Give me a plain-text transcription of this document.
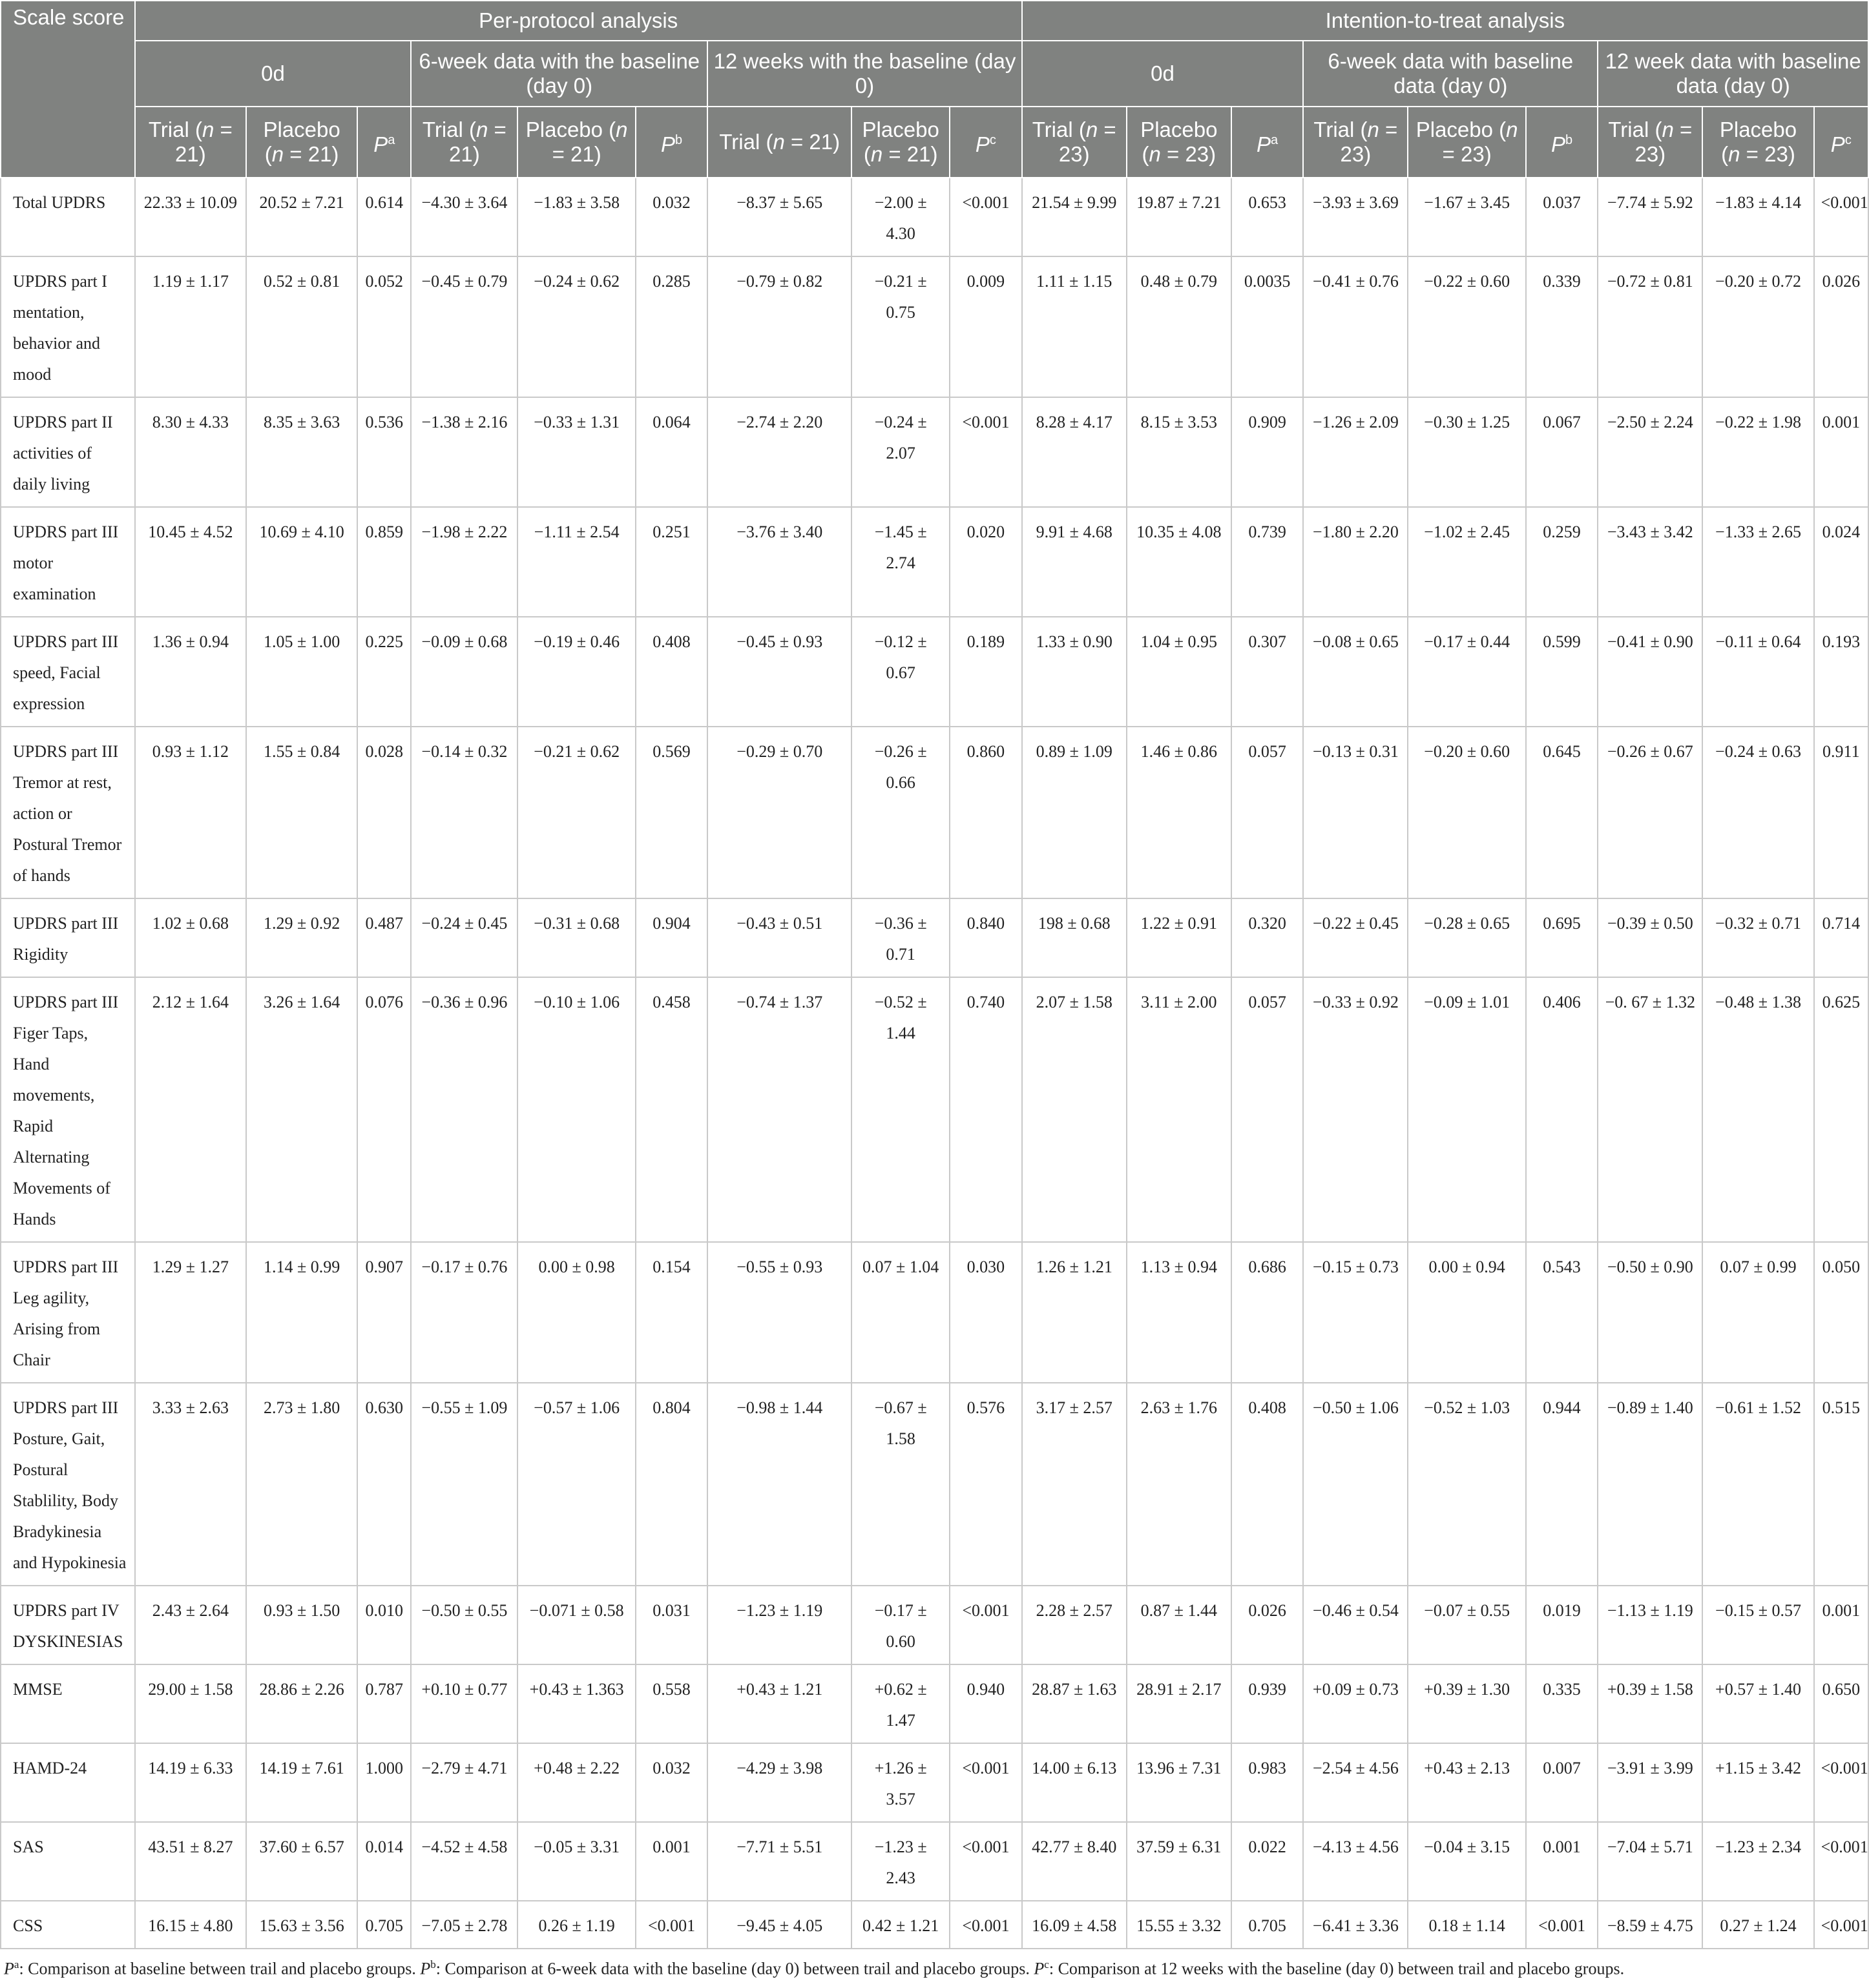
Scale score	Per-protocol analysis									Intention-to-treat analysis								
	0d			6-week data with the baseline (day 0)			12 weeks with the baseline (day 0)			0d			6-week data with baseline data (day 0)			12 week data with baseline data (day 0)		
	Trial (n = 21)	Placebo (n = 21)	$P^a$	Trial (n = 21)	Placebo (n = 21)	$P^b$	Trial (n = 21)	Placebo (n = 21)	$P^c$	Trial (n = 23)	Placebo (n = 23)	$P^a$	Trial (n = 23)	Placebo (n = 23)	$P^b$	Trial (n = 23)	Placebo (n = 23)	$P^c$
Total UPDRS	22.33 ± 10.09	20.52 ± 7.21	0.614	−4.30 ± 3.64	−1.83 ± 3.58	0.032	−8.37 ± 5.65	−2.00 ± 4.30	<0.001	21.54 ± 9.99	19.87 ± 7.21	0.653	−3.93 ± 3.69	−1.67 ± 3.45	0.037	−7.74 ± 5.92	−1.83 ± 4.14	<0.001
UPDRS part I mentation, behavior and mood	1.19 ± 1.17	0.52 ± 0.81	0.052	−0.45 ± 0.79	−0.24 ± 0.62	0.285	−0.79 ± 0.82	−0.21 ± 0.75	0.009	1.11 ± 1.15	0.48 ± 0.79	0.0035	−0.41 ± 0.76	−0.22 ± 0.60	0.339	−0.72 ± 0.81	−0.20 ± 0.72	0.026
UPDRS part II activities of daily living	8.30 ± 4.33	8.35 ± 3.63	0.536	−1.38 ± 2.16	−0.33 ± 1.31	0.064	−2.74 ± 2.20	−0.24 ± 2.07	<0.001	8.28 ± 4.17	8.15 ± 3.53	0.909	−1.26 ± 2.09	−0.30 ± 1.25	0.067	−2.50 ± 2.24	−0.22 ± 1.98	0.001
UPDRS part III motor examination	10.45 ± 4.52	10.69 ± 4.10	0.859	−1.98 ± 2.22	−1.11 ± 2.54	0.251	−3.76 ± 3.40	−1.45 ± 2.74	0.020	9.91 ± 4.68	10.35 ± 4.08	0.739	−1.80 ± 2.20	−1.02 ± 2.45	0.259	−3.43 ± 3.42	−1.33 ± 2.65	0.024
UPDRS part III speed, Facial expression	1.36 ± 0.94	1.05 ± 1.00	0.225	−0.09 ± 0.68	−0.19 ± 0.46	0.408	−0.45 ± 0.93	−0.12 ± 0.67	0.189	1.33 ± 0.90	1.04 ± 0.95	0.307	−0.08 ± 0.65	−0.17 ± 0.44	0.599	−0.41 ± 0.90	−0.11 ± 0.64	0.193
UPDRS part III Tremor at rest, action or Postural Tremor of hands	0.93 ± 1.12	1.55 ± 0.84	0.028	−0.14 ± 0.32	−0.21 ± 0.62	0.569	−0.29 ± 0.70	−0.26 ± 0.66	0.860	0.89 ± 1.09	1.46 ± 0.86	0.057	−0.13 ± 0.31	−0.20 ± 0.60	0.645	−0.26 ± 0.67	−0.24 ± 0.63	0.911
UPDRS part III Rigidity	1.02 ± 0.68	1.29 ± 0.92	0.487	−0.24 ± 0.45	−0.31 ± 0.68	0.904	−0.43 ± 0.51	−0.36 ± 0.71	0.840	198 ± 0.68	1.22 ± 0.91	0.320	−0.22 ± 0.45	−0.28 ± 0.65	0.695	−0.39 ± 0.50	−0.32 ± 0.71	0.714
UPDRS part III Figer Taps, Hand movements, Rapid Alternating Movements of Hands	2.12 ± 1.64	3.26 ± 1.64	0.076	−0.36 ± 0.96	−0.10 ± 1.06	0.458	−0.74 ± 1.37	−0.52 ± 1.44	0.740	2.07 ± 1.58	3.11 ± 2.00	0.057	−0.33 ± 0.92	−0.09 ± 1.01	0.406	−0. 67 ± 1.32	−0.48 ± 1.38	0.625
UPDRS part III Leg agility, Arising from Chair	1.29 ± 1.27	1.14 ± 0.99	0.907	−0.17 ± 0.76	0.00 ± 0.98	0.154	−0.55 ± 0.93	0.07 ± 1.04	0.030	1.26 ± 1.21	1.13 ± 0.94	0.686	−0.15 ± 0.73	0.00 ± 0.94	0.543	−0.50 ± 0.90	0.07 ± 0.99	0.050
UPDRS part III Posture, Gait, Postural Stablility, Body Bradykinesia and Hypokinesia	3.33 ± 2.63	2.73 ± 1.80	0.630	−0.55 ± 1.09	−0.57 ± 1.06	0.804	−0.98 ± 1.44	−0.67 ± 1.58	0.576	3.17 ± 2.57	2.63 ± 1.76	0.408	−0.50 ± 1.06	−0.52 ± 1.03	0.944	−0.89 ± 1.40	−0.61 ± 1.52	0.515
UPDRS part IV DYSKINESIAS	2.43 ± 2.64	0.93 ± 1.50	0.010	−0.50 ± 0.55	−0.071 ± 0.58	0.031	−1.23 ± 1.19	−0.17 ± 0.60	<0.001	2.28 ± 2.57	0.87 ± 1.44	0.026	−0.46 ± 0.54	−0.07 ± 0.55	0.019	−1.13 ± 1.19	−0.15 ± 0.57	0.001
MMSE	29.00 ± 1.58	28.86 ± 2.26	0.787	+0.10 ± 0.77	+0.43 ± 1.363	0.558	+0.43 ± 1.21	+0.62 ± 1.47	0.940	28.87 ± 1.63	28.91 ± 2.17	0.939	+0.09 ± 0.73	+0.39 ± 1.30	0.335	+0.39 ± 1.58	+0.57 ± 1.40	0.650
HAMD-24	14.19 ± 6.33	14.19 ± 7.61	1.000	−2.79 ± 4.71	+0.48 ± 2.22	0.032	−4.29 ± 3.98	+1.26 ± 3.57	<0.001	14.00 ± 6.13	13.96 ± 7.31	0.983	−2.54 ± 4.56	+0.43 ± 2.13	0.007	−3.91 ± 3.99	+1.15 ± 3.42	<0.001
SAS	43.51 ± 8.27	37.60 ± 6.57	0.014	−4.52 ± 4.58	−0.05 ± 3.31	0.001	−7.71 ± 5.51	−1.23 ± 2.43	<0.001	42.77 ± 8.40	37.59 ± 6.31	0.022	−4.13 ± 4.56	−0.04 ± 3.15	0.001	−7.04 ± 5.71	−1.23 ± 2.34	<0.001
CSS	16.15 ± 4.80	15.63 ± 3.56	0.705	−7.05 ± 2.78	0.26 ± 1.19	<0.001	−9.45 ± 4.05	0.42 ± 1.21	<0.001	16.09 ± 4.58	15.55 ± 3.32	0.705	−6.41 ± 3.36	0.18 ± 1.14	<0.001	−8.59 ± 4.75	0.27 ± 1.24	<0.001
$P^a$: Comparison at baseline between trail and placebo groups. $P^b$: Comparison at 6-week data with the baseline (day 0) between trail and placebo groups. $P^c$: Comparison at 12 weeks with the baseline (day 0) between trail and placebo groups.
